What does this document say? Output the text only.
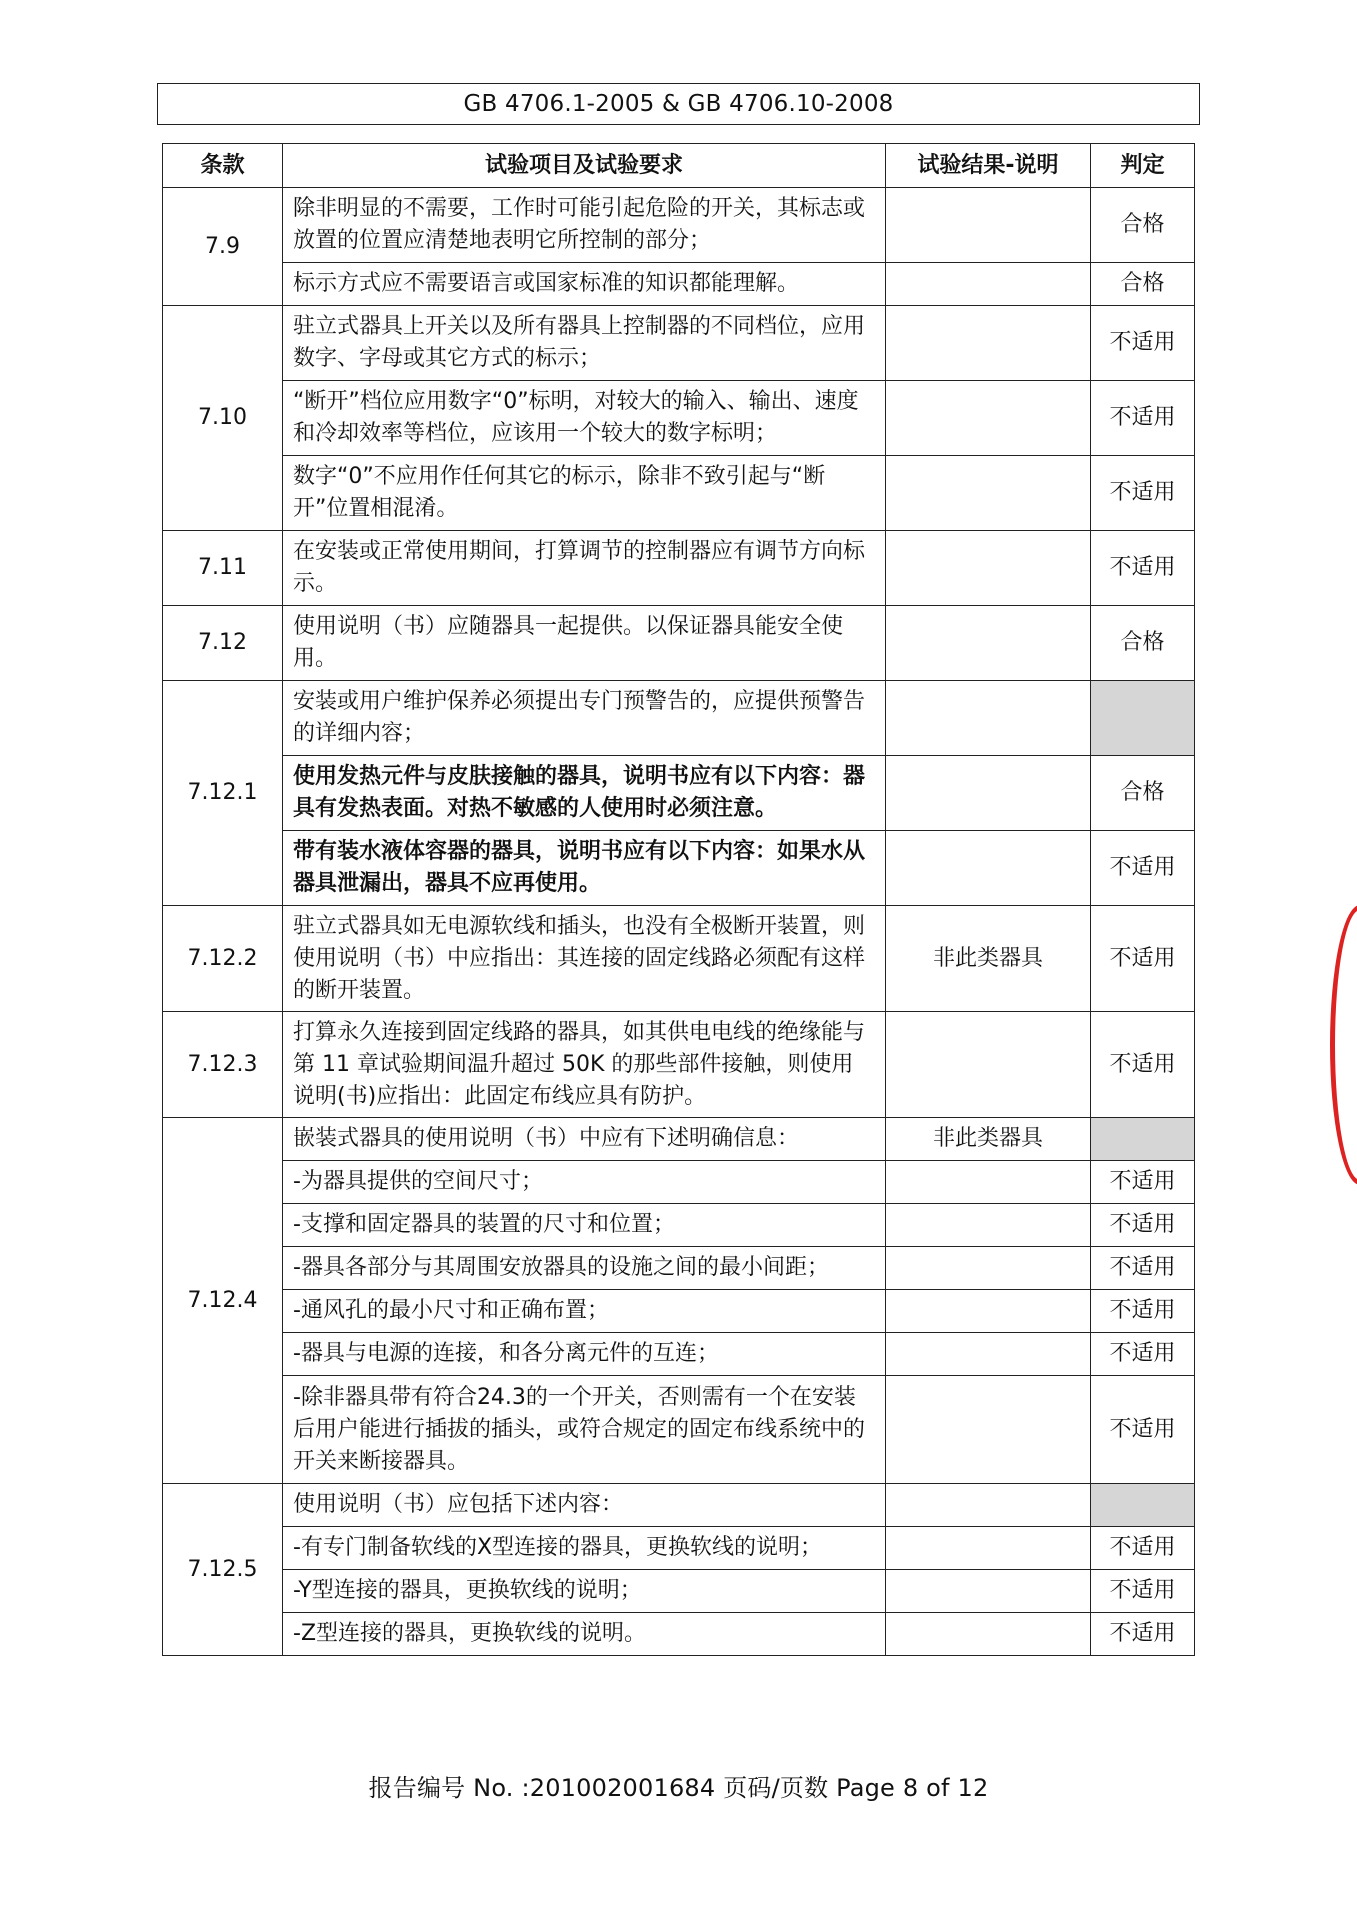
GB 4706.1-2005 & GB 4706.10-2008
条款	试验项目及试验要求	试验结果-说明	判定
7.9	除非明显的不需要，工作时可能引起危险的开关，其标志或放置的位置应清楚地表明它所控制的部分；		合格
	标示方式应不需要语言或国家标准的知识都能理解。		合格
7.10	驻立式器具上开关以及所有器具上控制器的不同档位，应用数字、字母或其它方式的标示；		不适用
	“断开”档位应用数字“0”标明，对较大的输入、输出、速度和冷却效率等档位，应该用一个较大的数字标明；		不适用
	数字“0”不应用作任何其它的标示，除非不致引起与“断开”位置相混淆。		不适用
7.11	在安装或正常使用期间，打算调节的控制器应有调节方向标示。		不适用
7.12	使用说明（书）应随器具一起提供。以保证器具能安全使用。		合格
7.12.1	安装或用户维护保养必须提出专门预警告的，应提供预警告的详细内容；		
	使用发热元件与皮肤接触的器具，说明书应有以下内容：器具有发热表面。对热不敏感的人使用时必须注意。		合格
	带有装水液体容器的器具，说明书应有以下内容：如果水从器具泄漏出，器具不应再使用。		不适用
7.12.2	驻立式器具如无电源软线和插头，也没有全极断开装置，则使用说明（书）中应指出：其连接的固定线路必须配有这样的断开装置。	非此类器具	不适用
7.12.3	打算永久连接到固定线路的器具，如其供电电线的绝缘能与第 11 章试验期间温升超过 50K 的那些部件接触，则使用说明(书)应指出：此固定布线应具有防护。		不适用
7.12.4	嵌装式器具的使用说明（书）中应有下述明确信息：	非此类器具	
	-为器具提供的空间尺寸；		不适用
	-支撑和固定器具的装置的尺寸和位置；		不适用
	-器具各部分与其周围安放器具的设施之间的最小间距；		不适用
	-通风孔的最小尺寸和正确布置；		不适用
	-器具与电源的连接，和各分离元件的互连；		不适用
	-除非器具带有符合24.3的一个开关，否则需有一个在安装后用户能进行插拔的插头，或符合规定的固定布线系统中的开关来断接器具。		不适用
7.12.5	使用说明（书）应包括下述内容：		
	-有专门制备软线的X型连接的器具，更换软线的说明；		不适用
	-Y型连接的器具，更换软线的说明；		不适用
	-Z型连接的器具，更换软线的说明。		不适用
报告编号 No. :201002001684 页码/页数 Page 8 of 12
